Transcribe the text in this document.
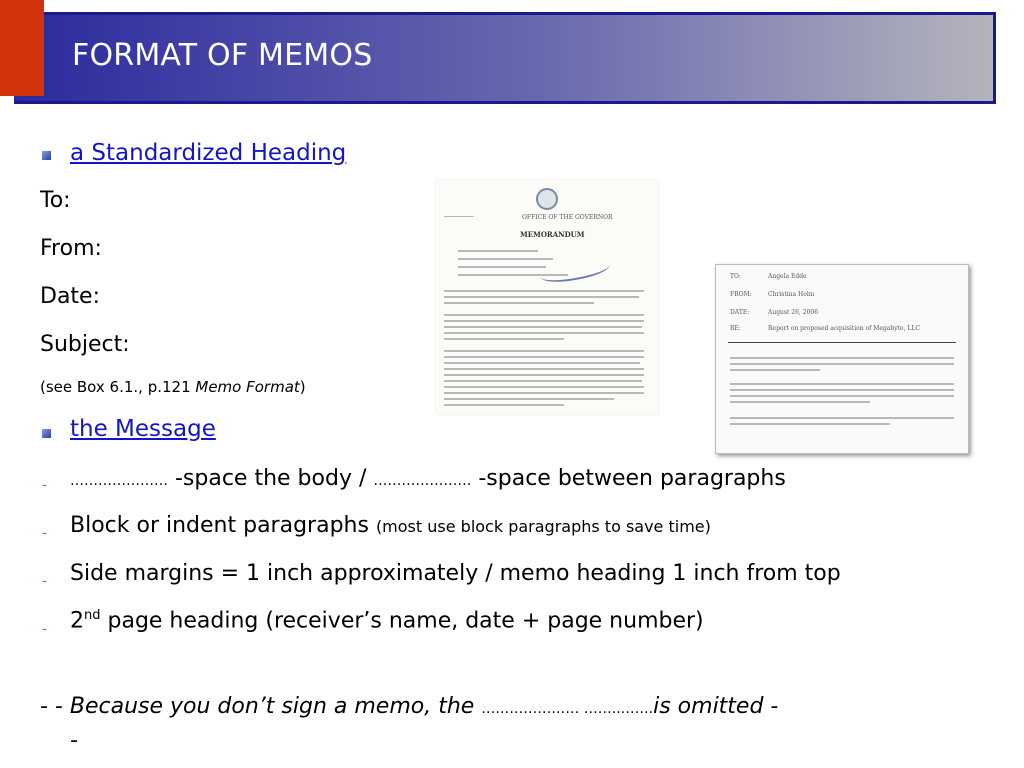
FORMAT OF MEMOS
a Standardized Heading
To:
From:
Date:
Subject:
(see Box 6.1., p.121 Memo Format)
the Message
- ………………… -space the body / ………………… -space between paragraphs
- Block or indent paragraphs (most use block paragraphs to save time)
- Side margins = 1 inch approximately / memo heading 1 inch from top
- 2nd page heading (receiver’s name, date + page number)
- - Because you don’t sign a memo, the ………………… ……..…….is omitted -
-
OFFICE OF THE GOVERNOR
MEMORANDUM
TO:	Angela Edde
FROM:	Christina Holm
DATE:	August 26, 2006
RE:	Report on proposed acquisition of Megabyte, LLC
